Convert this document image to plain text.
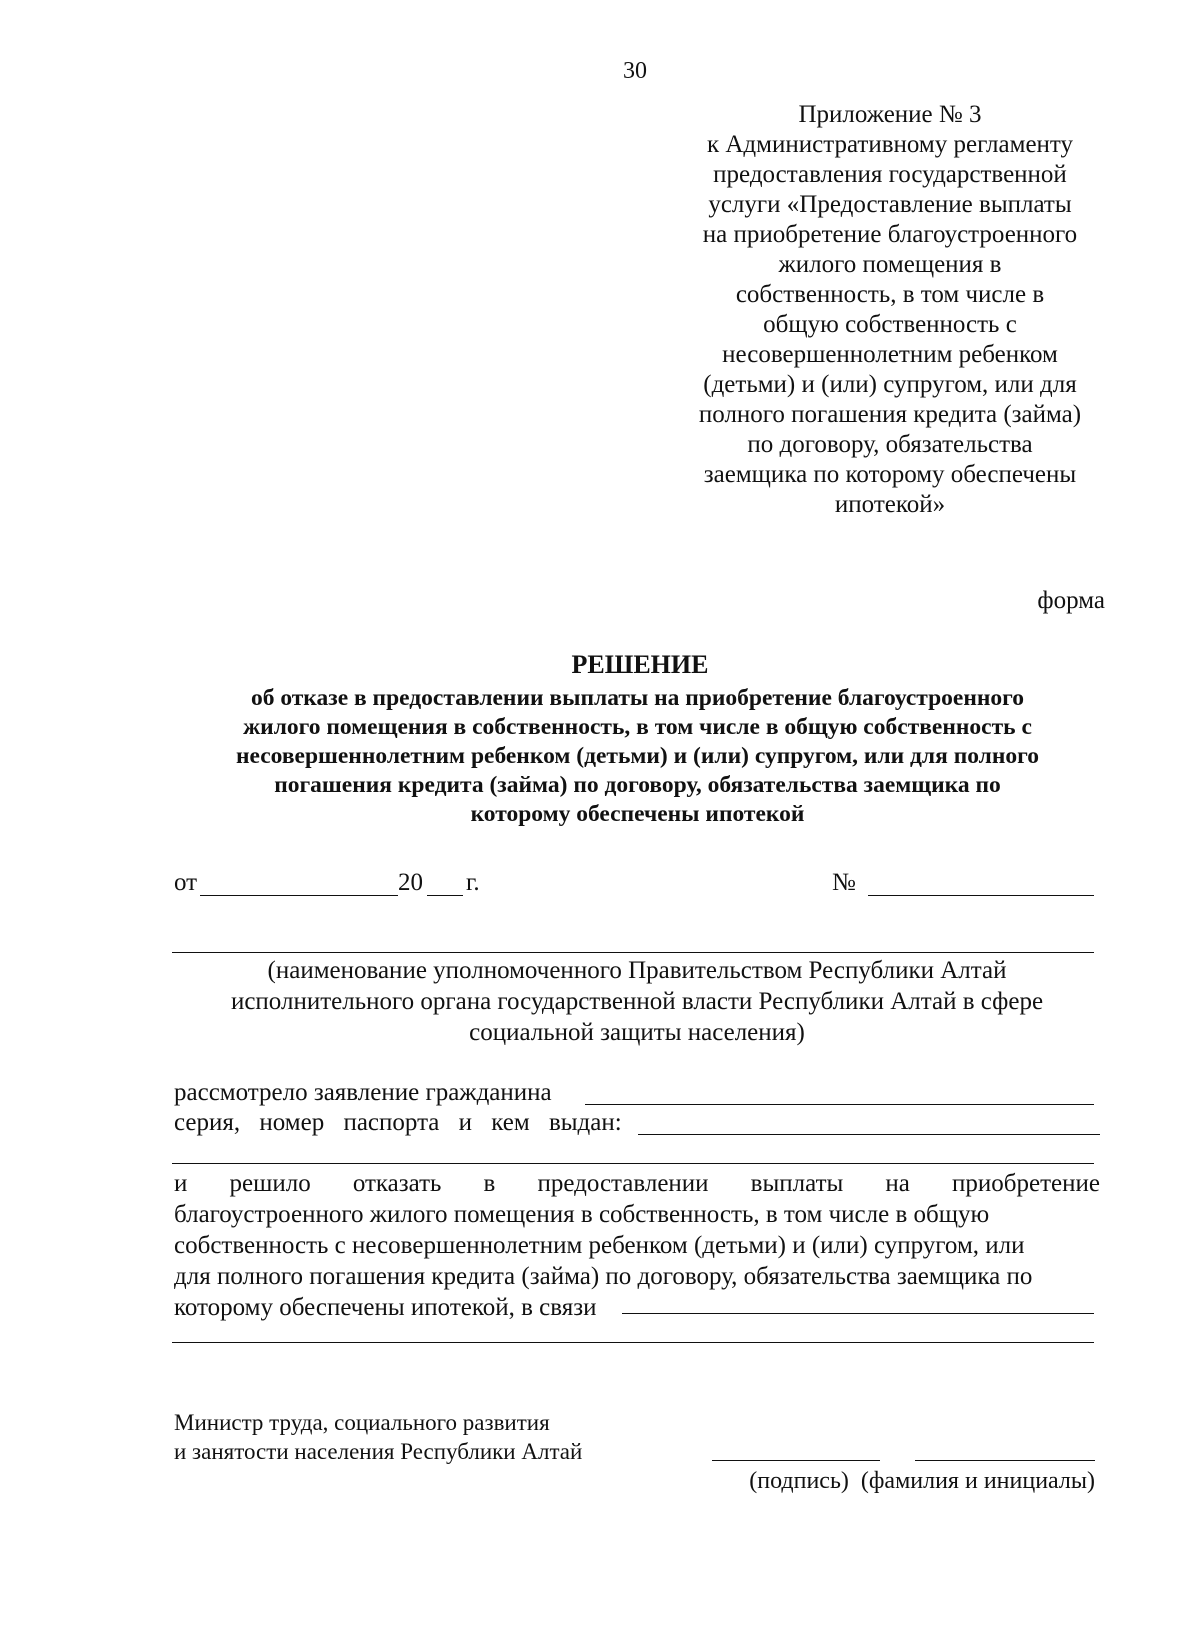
30
Приложение № 3
к Административному регламенту
предоставления государственной
услуги «Предоставление выплаты
на приобретение благоустроенного
жилого помещения в
собственность, в том числе в
общую собственность с
несовершеннолетним ребенком
(детьми) и (или) супругом, или для
полного погашения кредита (займа)
по договору, обязательства
заемщика по которому обеспечены
ипотекой»
форма
РЕШЕНИЕ
об отказе в предоставлении выплаты на приобретение благоустроенного
жилого помещения в собственность, в том числе в общую собственность с
несовершеннолетним ребенком (детьми) и (или) супругом, или для полного
погашения кредита (займа) по договору, обязательства заемщика по
которому обеспечены ипотекой
от	20 г.	№
(наименование уполномоченного Правительством Республики Алтай
исполнительного органа государственной власти Республики Алтай в сфере
социальной защиты населения)
рассмотрело заявление гражданина
серия, номер паспорта и кем выдан:
и решило отказать в предоставлении выплаты на приобретение
благоустроенного жилого помещения в собственность, в том числе в общую
собственность с несовершеннолетним ребенком (детьми) и (или) супругом, или
для полного погашения кредита (займа) по договору, обязательства заемщика по
которому обеспечены ипотекой, в связи
Министр труда, социального развития
и занятости населения Республики Алтай
(подпись)  (фамилия и инициалы)
